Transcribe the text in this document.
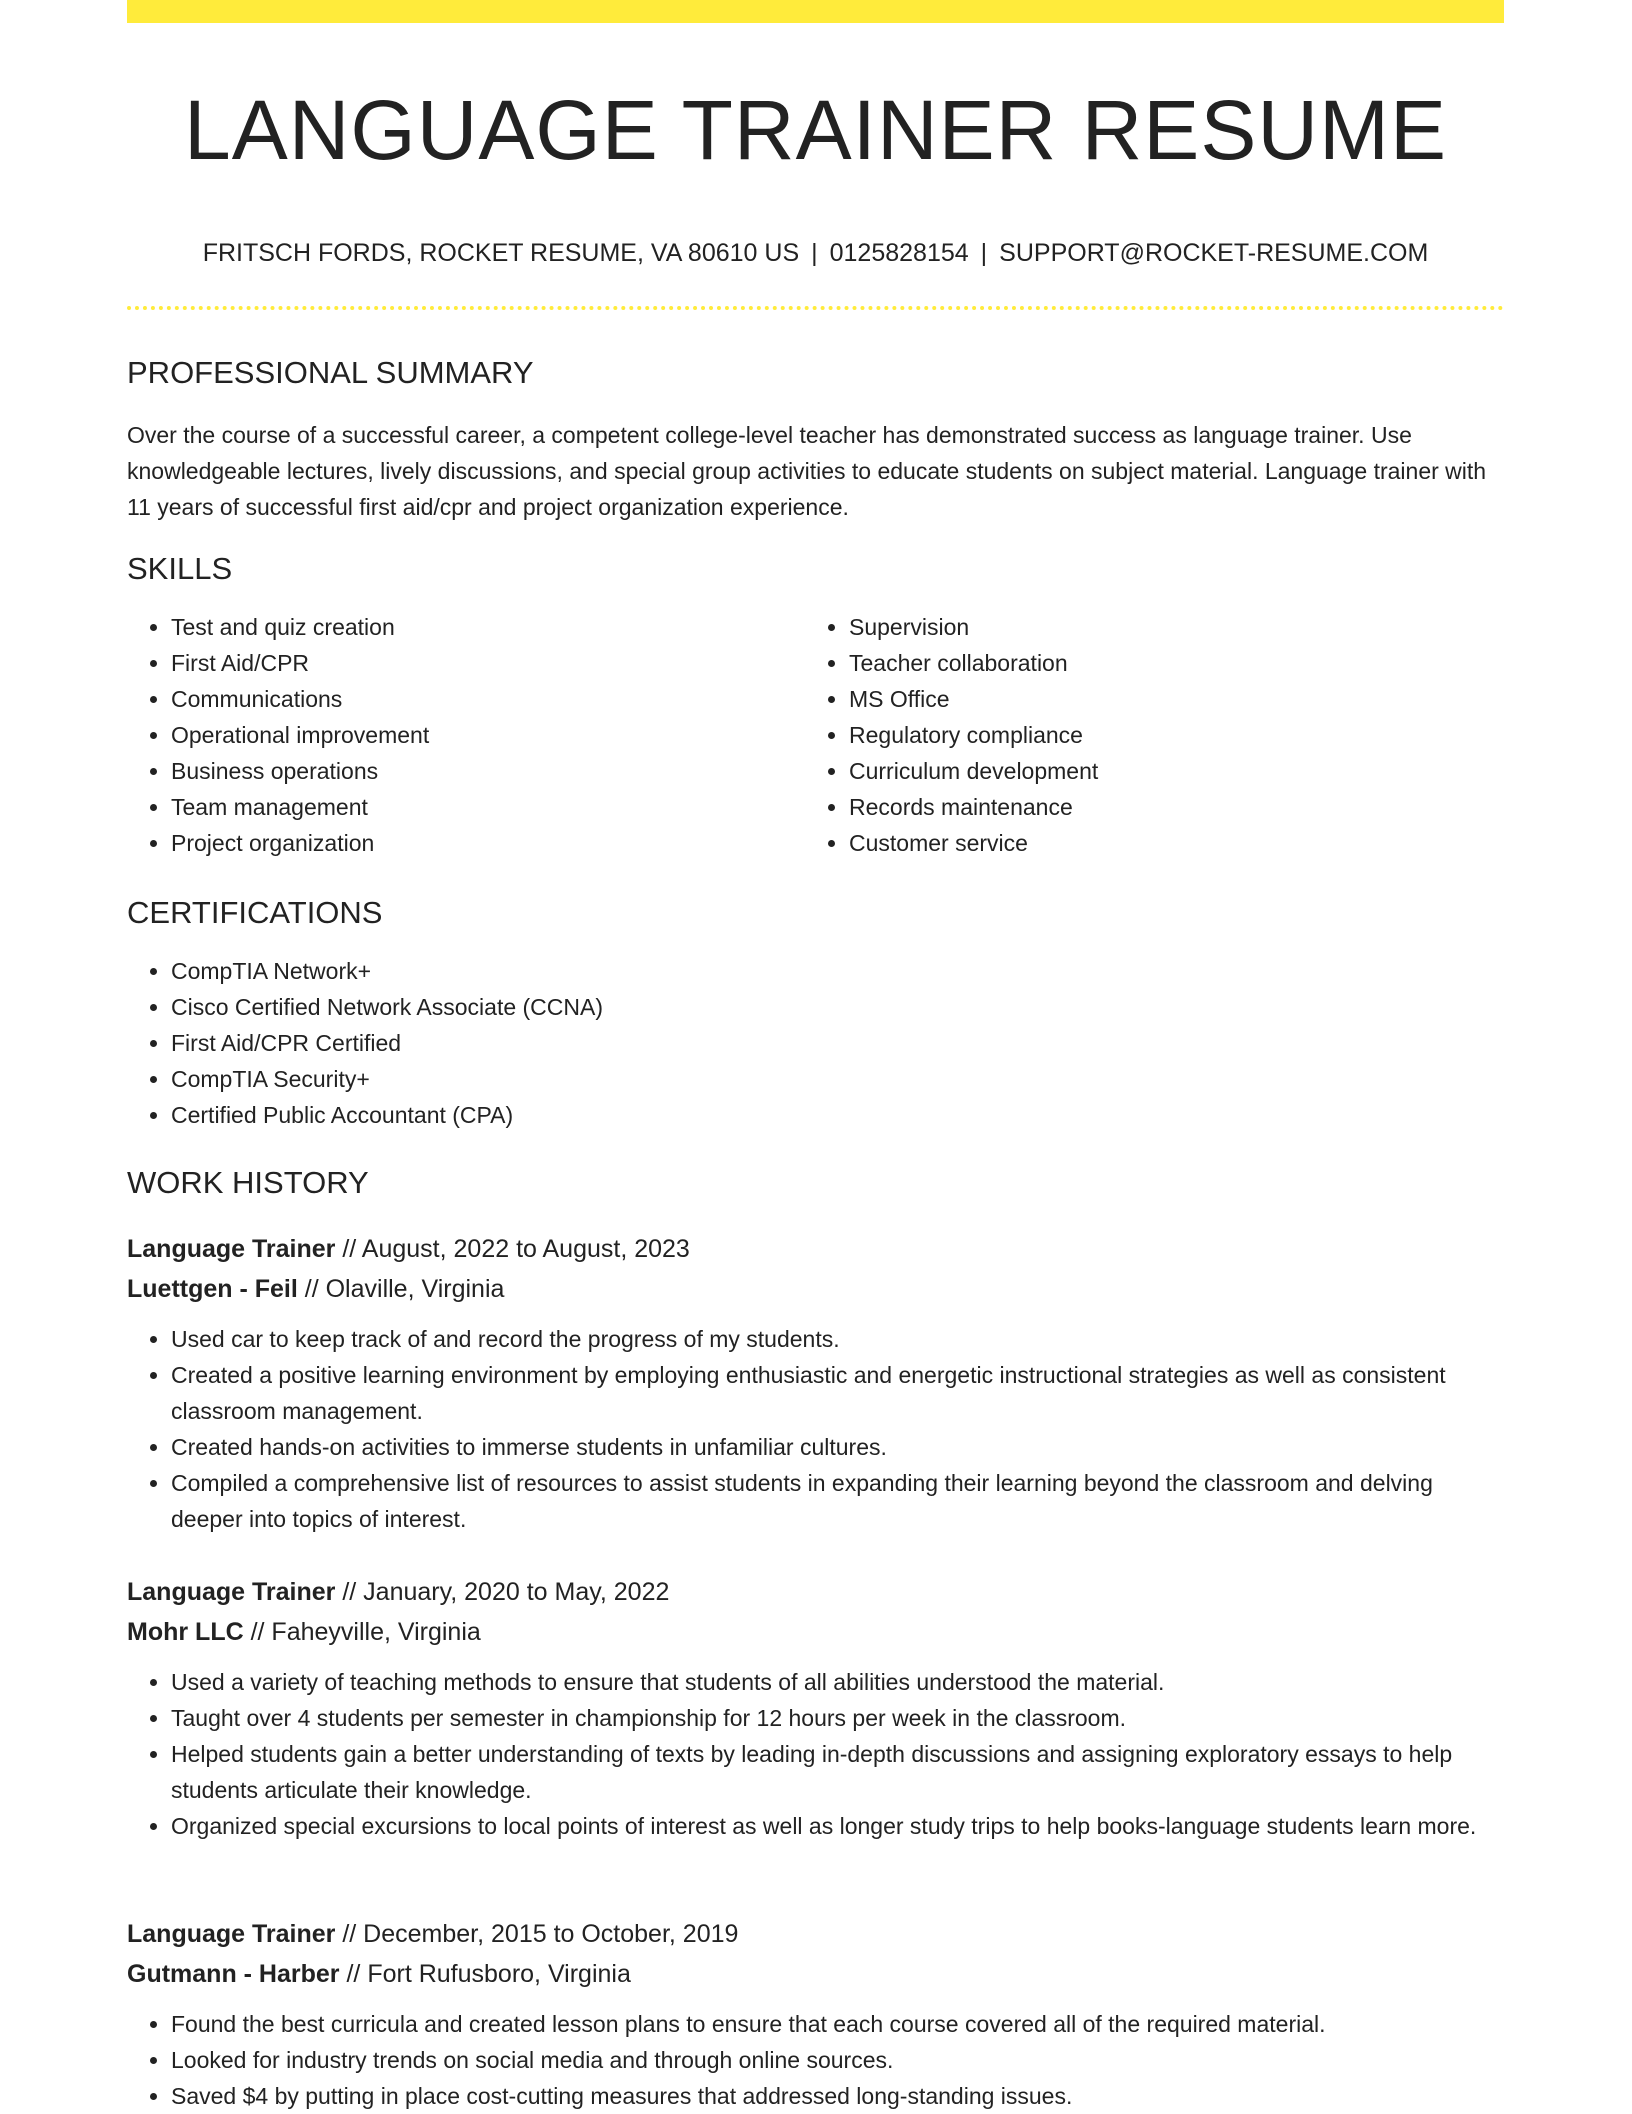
LANGUAGE TRAINER RESUME
FRITSCH FORDS, ROCKET RESUME, VA 80610 US | 0125828154 | SUPPORT@ROCKET-RESUME.COM
PROFESSIONAL SUMMARY

Over the course of a successful career, a competent college-level teacher has demonstrated success as language trainer. Use knowledgeable lectures, lively discussions, and special group activities to educate students on subject material. Language trainer with 11 years of successful first aid/cpr and project organization experience.

SKILLS
• Test and quiz creation
• First Aid/CPR
• Communications
• Operational improvement
• Business operations
• Team management
• Project organization
• Supervision
• Teacher collaboration
• MS Office
• Regulatory compliance
• Curriculum development
• Records maintenance
• Customer service
CERTIFICATIONS
• CompTIA Network+
• Cisco Certified Network Associate (CCNA)
• First Aid/CPR Certified
• CompTIA Security+
• Certified Public Accountant (CPA)
WORK HISTORY

Language Trainer // August, 2022 to August, 2023

Luettgen - Feil // Olaville, Virginia

• Used car to keep track of and record the progress of my students.
• Created a positive learning environment by employing enthusiastic and energetic instructional strategies as well as consistent classroom management.
• Created hands-on activities to immerse students in unfamiliar cultures.
• Compiled a comprehensive list of resources to assist students in expanding their learning beyond the classroom and delving deeper into topics of interest.

Language Trainer // January, 2020 to May, 2022

Mohr LLC // Faheyville, Virginia

• Used a variety of teaching methods to ensure that students of all abilities understood the material.
• Taught over 4 students per semester in championship for 12 hours per week in the classroom.
• Helped students gain a better understanding of texts by leading in-depth discussions and assigning exploratory essays to help students articulate their knowledge.
• Organized special excursions to local points of interest as well as longer study trips to help books-language students learn more.

Language Trainer // December, 2015 to October, 2019

Gutmann - Harber // Fort Rufusboro, Virginia

• Found the best curricula and created lesson plans to ensure that each course covered all of the required material.
• Looked for industry trends on social media and through online sources.
• Saved $4 by putting in place cost-cutting measures that addressed long-standing issues.
